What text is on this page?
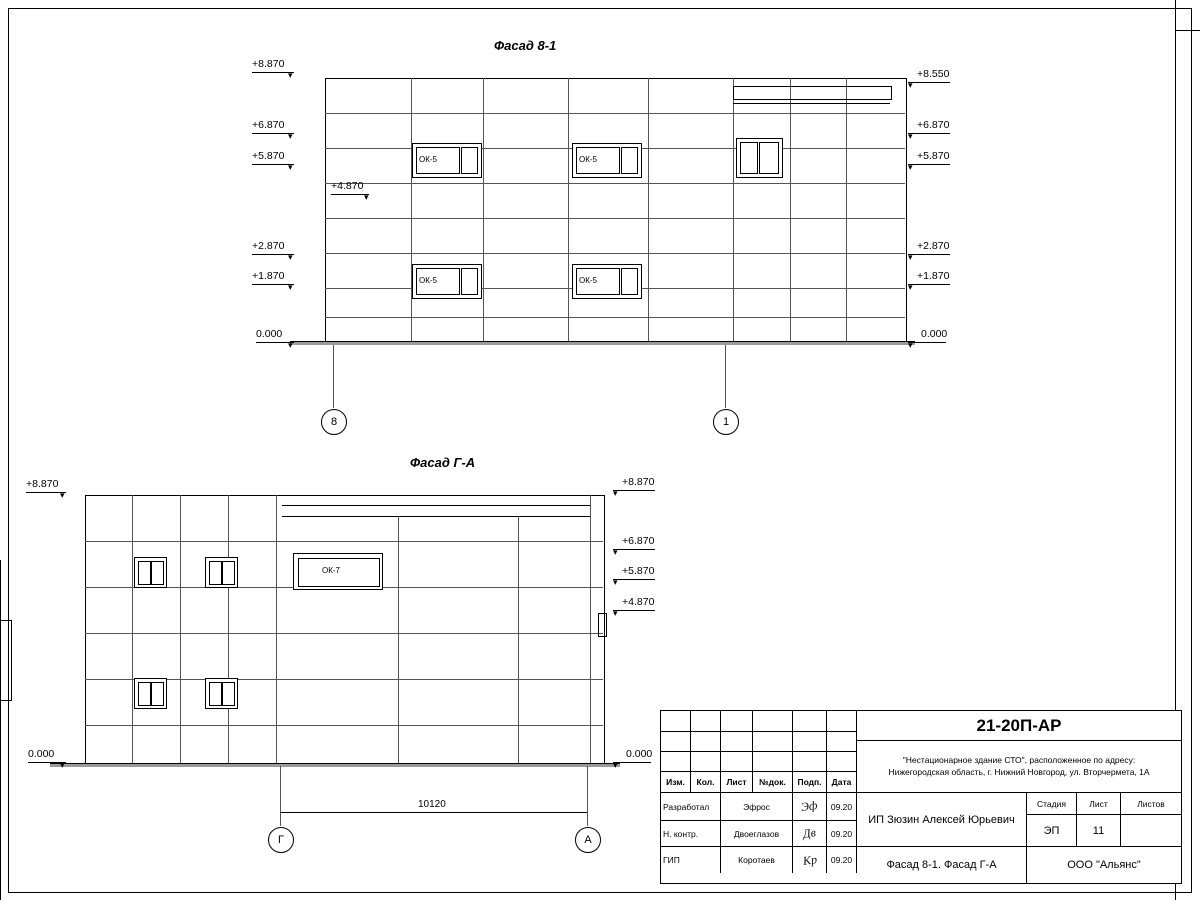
Фасад 8-1
ОК-5	ОК-5
ОК-5	ОК-5
+8.870
▾
+6.870
▾
+5.870
▾
+4.870
▾
+2.870
▾
+1.870
▾
0.000
▾
+8.550
▾
+6.870
▾
+5.870
▾
+2.870
▾
+1.870
▾
0.000
▾
8	1
Фасад Г-А
ОК-7
+8.870
▾
0.000
▾
+8.870
▾
+6.870
▾
+5.870
▾
+4.870
▾
0.000
▾
10120
Г	А
Изм.	Кол.	Лист	№док.	Подп.	Дата
Разработал	Эфрос	Эф	09.20
Н. контр.	Двоеглазов	Дв	09.20
ГИП	Коротаев	Кр	09.20
21-20П-АР
"Нестационарное здание СТО", расположенное по адресу:
Нижегородская область, г. Нижний Новгород, ул. Вторчермета, 1А
ИП Зюзин Алексей Юрьевич
Стадия	Лист	Листов
ЭП	11
Фасад 8-1. Фасад Г-А	ООО "Альянс"
